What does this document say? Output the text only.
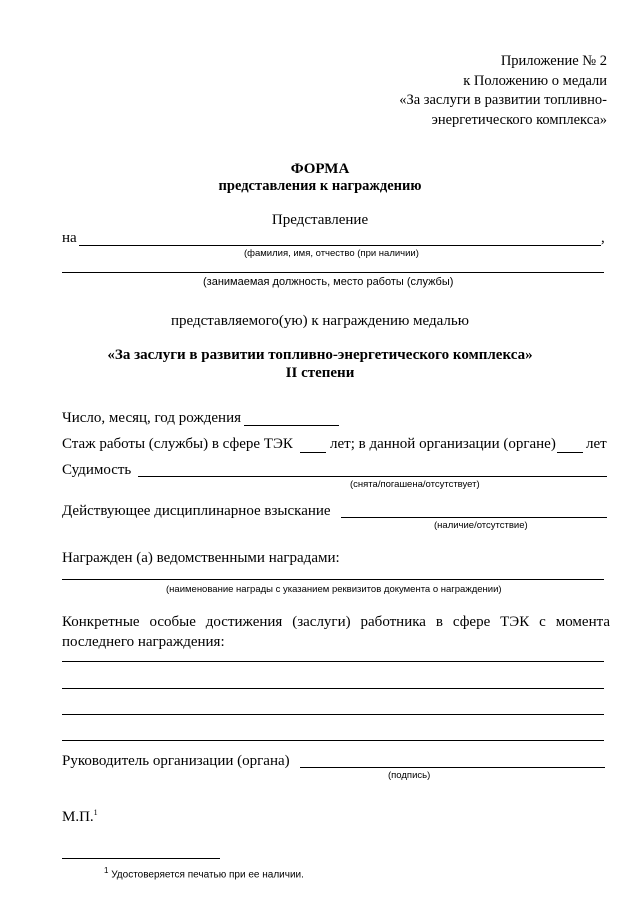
Приложение № 2
к Положению о медали
«За заслуги в развитии топливно-
энергетического комплекса»
ФОРМА
представления к награждению
Представление
на	,
(фамилия, имя, отчество (при наличии)
(занимаемая должность, место работы (службы)
представляемого(ую) к награждению медалью
«За заслуги в развитии топливно-энергетического комплекса»
II степени
Число, месяц, год рождения
Стаж работы (службы) в сфере ТЭК лет; в данной организации (органе) лет
Судимость
(снята/погашена/отсутствует)
Действующее дисциплинарное взыскание
(наличие/отсутствие)
Награжден (а) ведомственными наградами:
(наименование награды с указанием реквизитов документа о награждении)
Конкретные особые достижения (заслуги) работника в сфере ТЭК с момента последнего награждения:
Руководитель организации (органа)
(подпись)
М.П.$^1$
$^1$ Удостоверяется печатью при ее наличии.
